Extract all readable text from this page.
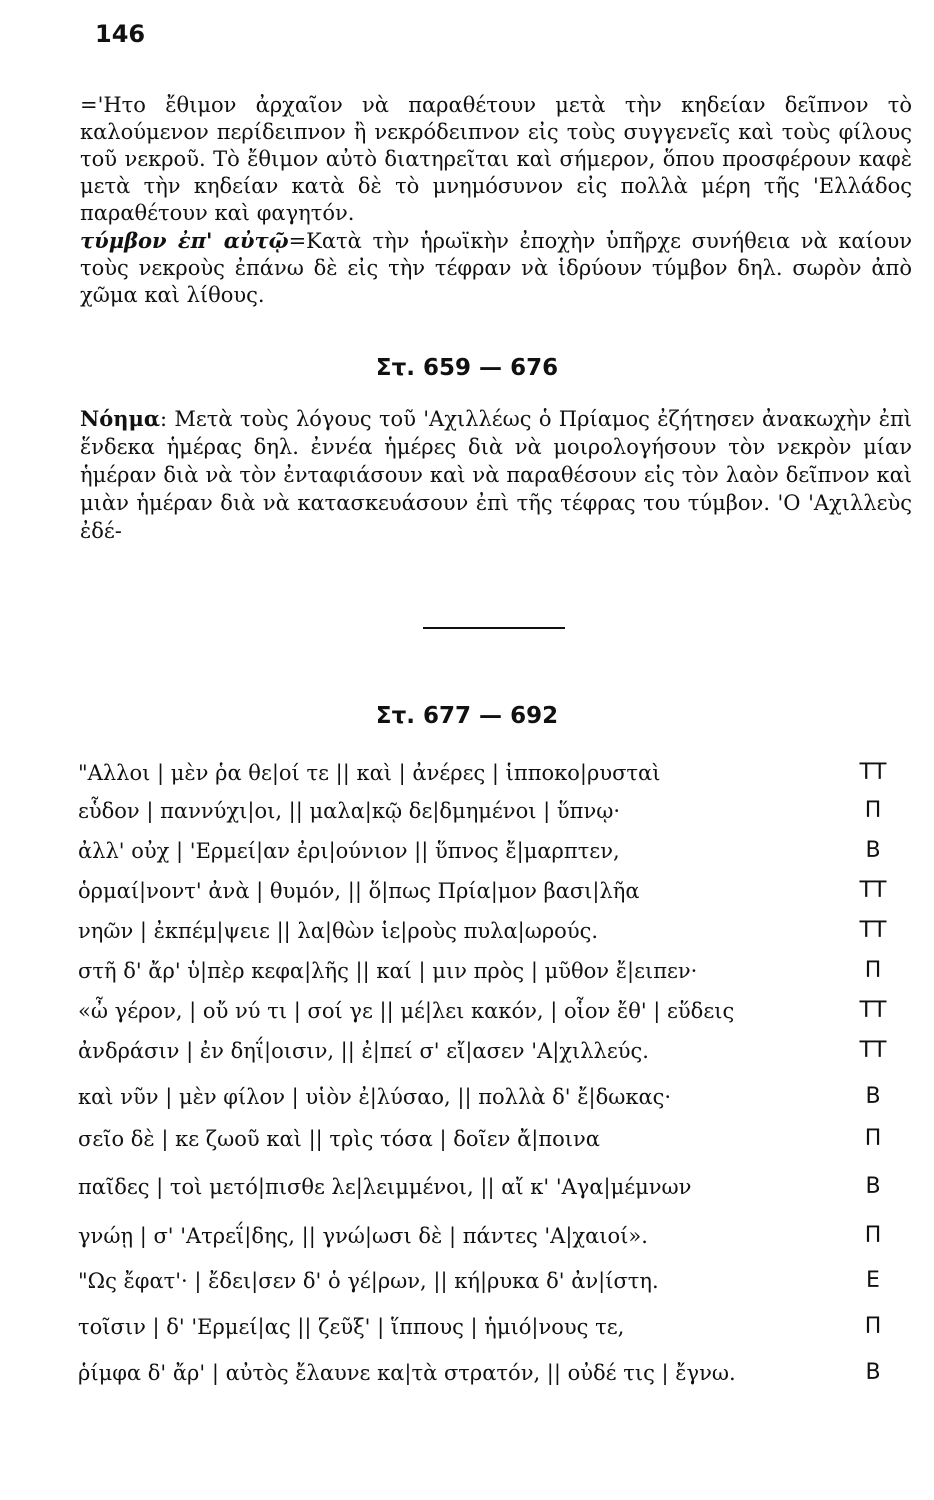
146

='Ητο ἔθιμον ἀρχαῖον νὰ παραθέτουν μετὰ τὴν κηδείαν δεῖπνον τὸ καλούμενον περίδειπνον ἢ νεκρόδειπνον εἰς τοὺς συγγενεῖς καὶ τοὺς φίλους τοῦ νεκροῦ. Τὸ ἔθιμον αὐτὸ διατηρεῖται καὶ σήμερον, ὅπου προσφέρουν καφὲ μετὰ τὴν κηδείαν κατὰ δὲ τὸ μνημόσυνον εἰς πολλὰ μέρη τῆς 'Ελλάδος παραθέτουν καὶ φαγητόν.

τύμβον ἐπ' αὐτῷ=Κατὰ τὴν ἡρωϊκὴν ἐποχὴν ὑπῆρχε συνήθεια νὰ καίουν τοὺς νεκροὺς ἐπάνω δὲ εἰς τὴν τέφραν νὰ ἱδρύουν τύμβον δηλ. σωρὸν ἀπὸ χῶμα καὶ λίθους.

Στ. 659 — 676
Νόημα: Μετὰ τοὺς λόγους τοῦ 'Αχιλλέως ὁ Πρίαμος ἐζήτησεν ἀνακωχὴν ἐπὶ ἕνδεκα ἡμέρας δηλ. ἐννέα ἡμέρες διὰ νὰ μοιρολογήσουν τὸν νεκρὸν μίαν ἡμέραν διὰ νὰ τὸν ἐνταφιάσουν καὶ νὰ παραθέσουν εἰς τὸν λαὸν δεῖπνον καὶ μιὰν ἡμέραν διὰ νὰ κατασκευάσουν ἐπὶ τῆς τέφρας του τύμβον. 'Ο 'Αχιλλεὺς ἐδέ-
Στ. 677 — 692
"Αλλοι | μὲν ῥα θε|οί τε || καὶ | ἀνέρες | ἱπποκο|ρυσταὶ	ΤΤ
εὗδον | παννύχι|οι, || μαλα|κῷ δε|δμημένοι | ὕπνῳ·	Π
ἀλλ' οὐχ | 'Ερμεί|αν ἐρι|ούνιον || ὕπνος ἔ|μαρπτεν,	Β
ὁρμαί|νοντ' ἀνὰ | θυμόν, || ὅ|πως Πρία|μον βασι|λῆα	ΤΤ
νηῶν | ἐκπέμ|ψειε || λα|θὼν ἱε|ροὺς πυλα|ωρούς.	ΤΤ
στῆ δ' ἄρ' ὑ|πὲρ κεφα|λῆς || καί | μιν πρὸς | μῦθον ἔ|ειπεν·	Π
«ὦ γέρον, | οὔ νύ τι | σοί γε || μέ|λει κακόν, | οἷον ἔθ' | εὕδεις	ΤΤ
ἀνδράσιν | ἐν δηΐ|οισιν, || ἐ|πεί σ' εἴ|ασεν 'Α|χιλλεύς.	ΤΤ
καὶ νῦν | μὲν φίλον | υἱὸν ἐ|λύσαο, || πολλὰ δ' ἔ|δωκας·	Β
σεῖο δὲ | κε ζωοῦ καὶ || τρὶς τόσα | δοῖεν ἄ|ποινα	Π
παῖδες | τοὶ μετό|πισθε λε|λειμμένοι, || αἴ κ' 'Αγα|μέμνων	Β
γνώῃ | σ' 'Ατρεΐ|δης, || γνώ|ωσι δὲ | πάντες 'Α|χαιοί».	Π
"Ως ἔφατ'· | ἔδει|σεν δ' ὁ γέ|ρων, || κή|ρυκα δ' ἀν|ίστη.	Ε
τοῖσιν | δ' 'Ερμεί|ας || ζεῦξ' | ἵππους | ἡμιό|νους τε,	Π
ῥίμφα δ' ἄρ' | αὐτὸς ἔλαυνε κα|τὰ στρατόν, || οὐδέ τις | ἔγνω.	Β
